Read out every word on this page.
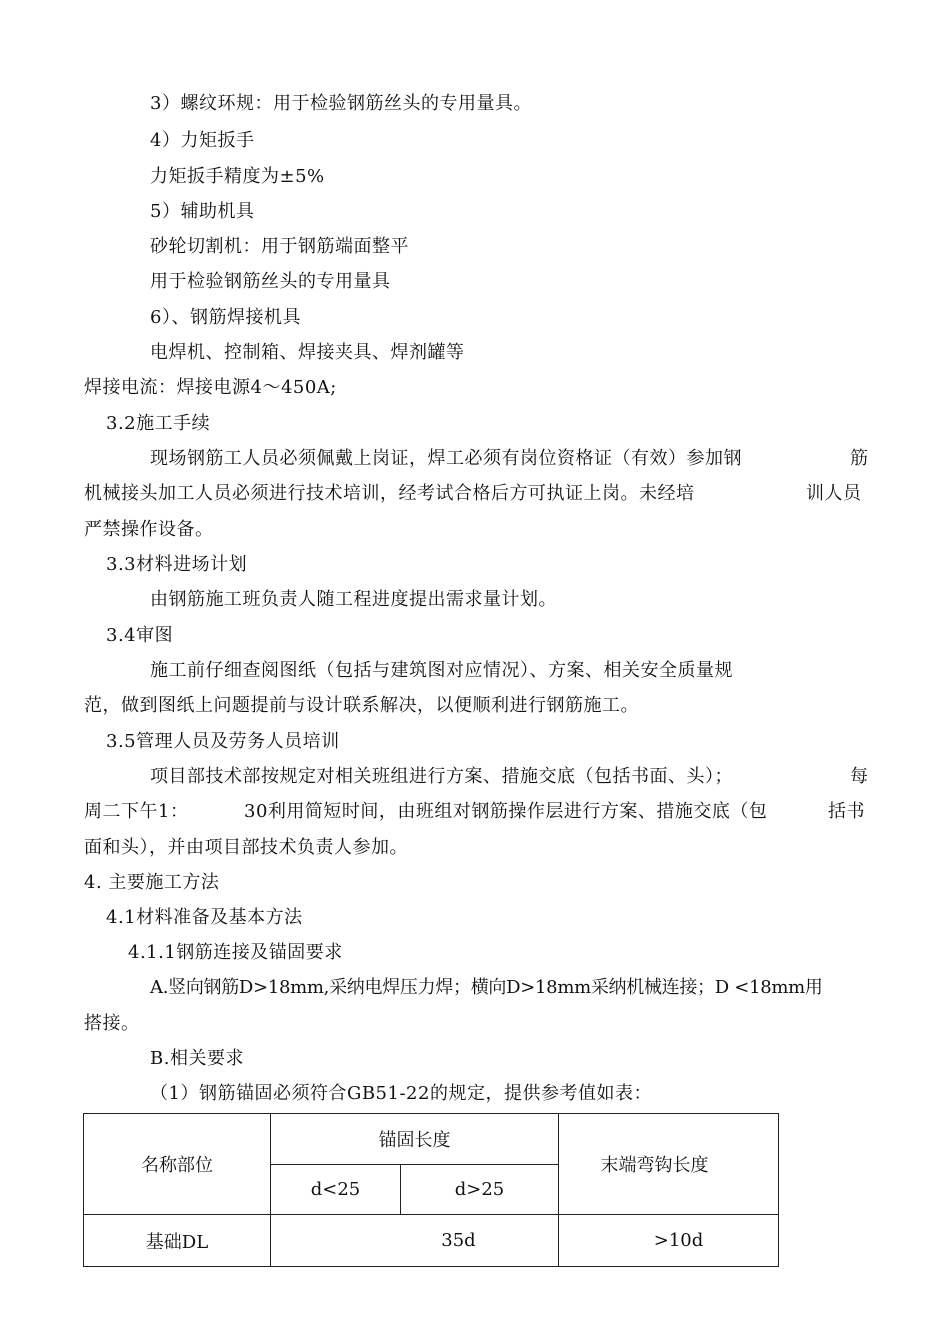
3）螺纹环规：用于检验钢筋丝头的专用量具。
4）力矩扳手
力矩扳手精度为±5%
5）辅助机具
砂轮切割机：用于钢筋端面整平
用于检验钢筋丝头的专用量具
6）、钢筋焊接机具
电焊机、控制箱、焊接夹具、焊剂罐等
焊接电流：焊接电源4〜450A;
3.2施工手续
现场钢筋工人员必须佩戴上岗证，焊工必须有岗位资格证（有效）参加钢	筋
机械接头加工人员必须进行技术培训，经考试合格后方可执证上岗。未经培	训人员
严禁操作设备。
3.3材料进场计划
由钢筋施工班负责人随工程进度提出需求量计划。
3.4审图
施工前仔细查阅图纸（包括与建筑图对应情况）、方案、相关安全质量规
范，做到图纸上问题提前与设计联系解决，以便顺利进行钢筋施工。
3.5管理人员及劳务人员培训
项目部技术部按规定对相关班组进行方案、措施交底（包括书面、头）；	每
周二下午1：	30利用简短时间，由班组对钢筋操作层进行方案、措施交底（包	括书
面和头），并由项目部技术负责人参加。
4. 主要施工方法
4.1材料准备及基本方法
4.1.1钢筋连接及锚固要求
A.竖向钢筋D>18mm,采纳电焊压力焊；横向D>18mm采纳机械连接；D <18mm用
搭接。
B.相关要求
（1）钢筋锚固必须符合GB51-22的规定，提供参考值如表：
名称部位	锚固长度		末端弯钩长度
	d<25	d>25	
基础DL	35d		>10d
